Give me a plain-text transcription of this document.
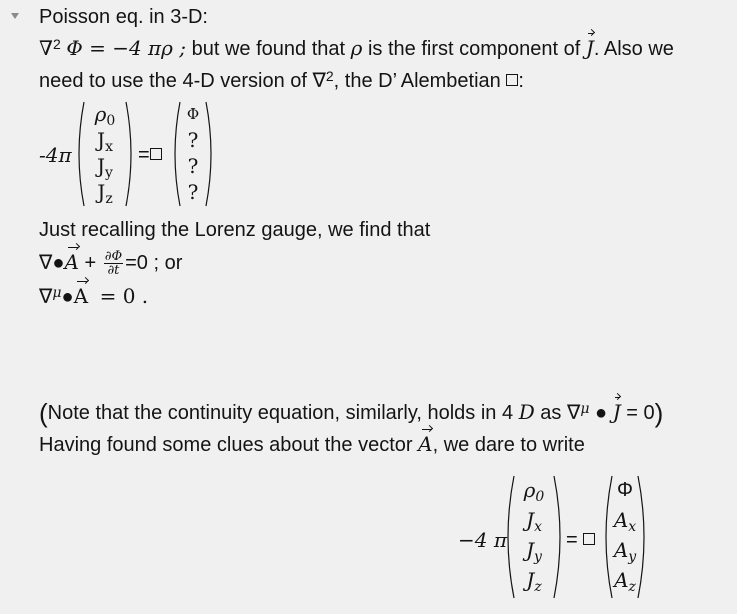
Poisson eq. in 3-D:
∇$^2$ Φ = −4 πρ ; but we found that ρ is the first component of J. Also we
need to use the 4-D version of ∇$^2$, the D’ Alembetian :
-4π
ρ0
Jx
Jy
Jz
=
Φ
?
?
?
Just recalling the Lorenz gauge, we find that
∇●A + $\frac{\partial\Phi}{\partial t} =0$ ; or
∇$^\mu$●A = 0 .
(Note that the continuity equation, similarly, holds in 4 D as ∇$^\mu$ ● J = 0)
Having found some clues about the vector A, we dare to write
−4 π
ρ0
Jx
Jy
Jz
=
Φ
Ax
Ay
Az
